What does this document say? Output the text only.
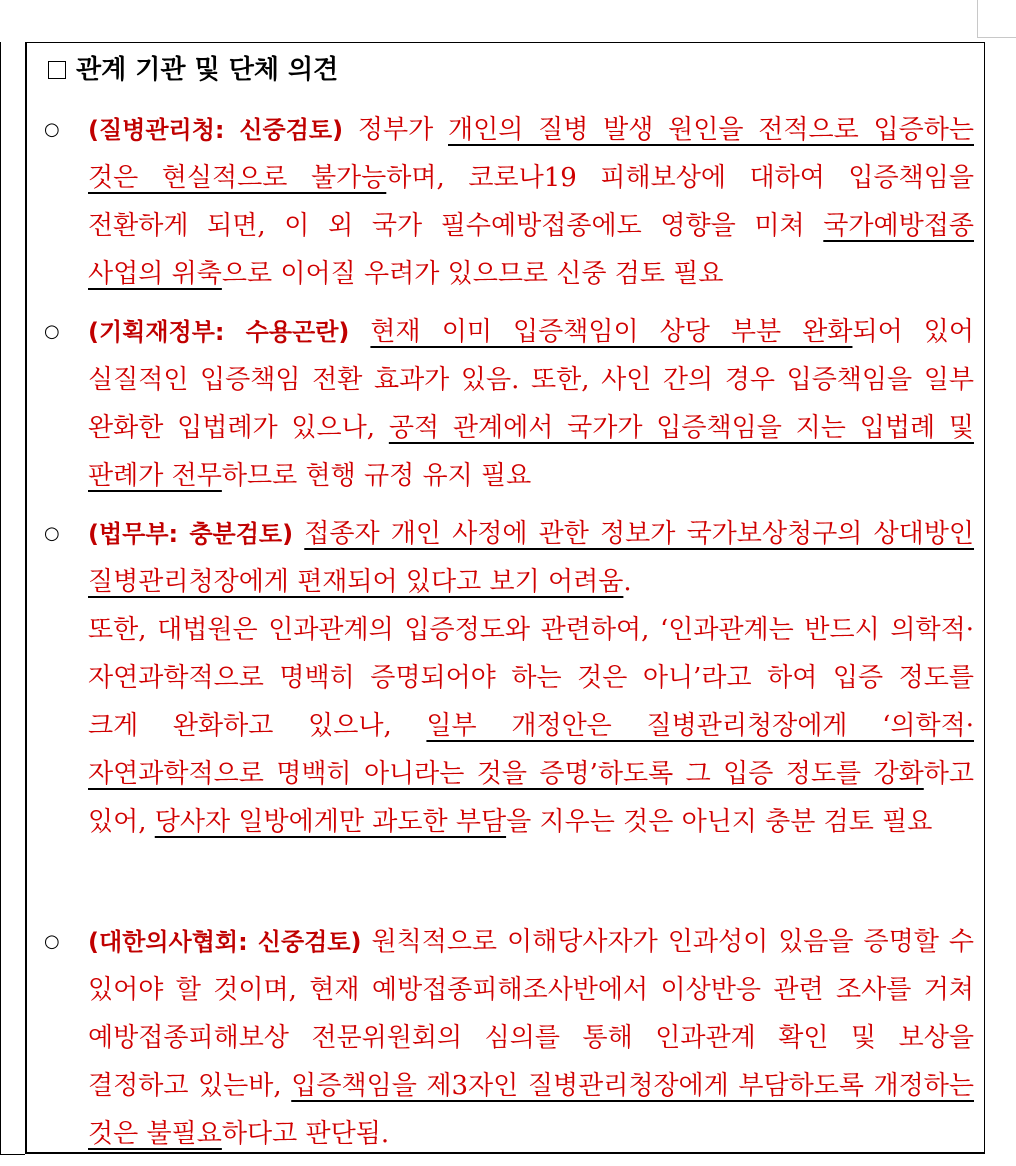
관계 기관 및 단체 의견
○	(질병관리청: 신중검토) 정부가 개인의 질병 발생 원인을 전적으로 입증하는 것은 현실적으로 불가능하며, 코로나19 피해보상에 대하여 입증책임을 전환하게 되면, 이 외 국가 필수예방접종에도 영향을 미쳐 국가예방접종 사업의 위축으로 이어질 우려가 있으므로 신중 검토 필요
○	(기획재정부: 수용곤란) 현재 이미 입증책임이 상당 부분 완화되어 있어 실질적인 입증책임 전환 효과가 있음. 또한, 사인 간의 경우 입증책임을 일부 완화한 입법례가 있으나, 공적 관계에서 국가가 입증책임을 지는 입법례 및 판례가 전무하므로 현행 규정 유지 필요
○	(법무부: 충분검토) 접종자 개인 사정에 관한 정보가 국가보상청구의 상대방인 질병관리청장에게 편재되어 있다고 보기 어려움.
또한, 대법원은 인과관계의 입증정도와 관련하여, ‘인과관계는 반드시 의학적·자연과학적으로 명백히 증명되어야 하는 것은 아니’라고 하여 입증 정도를 크게 완화하고 있으나, 일부 개정안은 질병관리청장에게 ‘의학적·자연과학적으로 명백히 아니라는 것을 증명’하도록 그 입증 정도를 강화하고 있어, 당사자 일방에게만 과도한 부담을 지우는 것은 아닌지 충분 검토 필요
○	(대한의사협회: 신중검토) 원칙적으로 이해당사자가 인과성이 있음을 증명할 수 있어야 할 것이며, 현재 예방접종피해조사반에서 이상반응 관련 조사를 거쳐 예방접종피해보상 전문위원회의 심의를 통해 인과관계 확인 및 보상을 결정하고 있는바, 입증책임을 제3자인 질병관리청장에게 부담하도록 개정하는 것은 불필요하다고 판단됨.
